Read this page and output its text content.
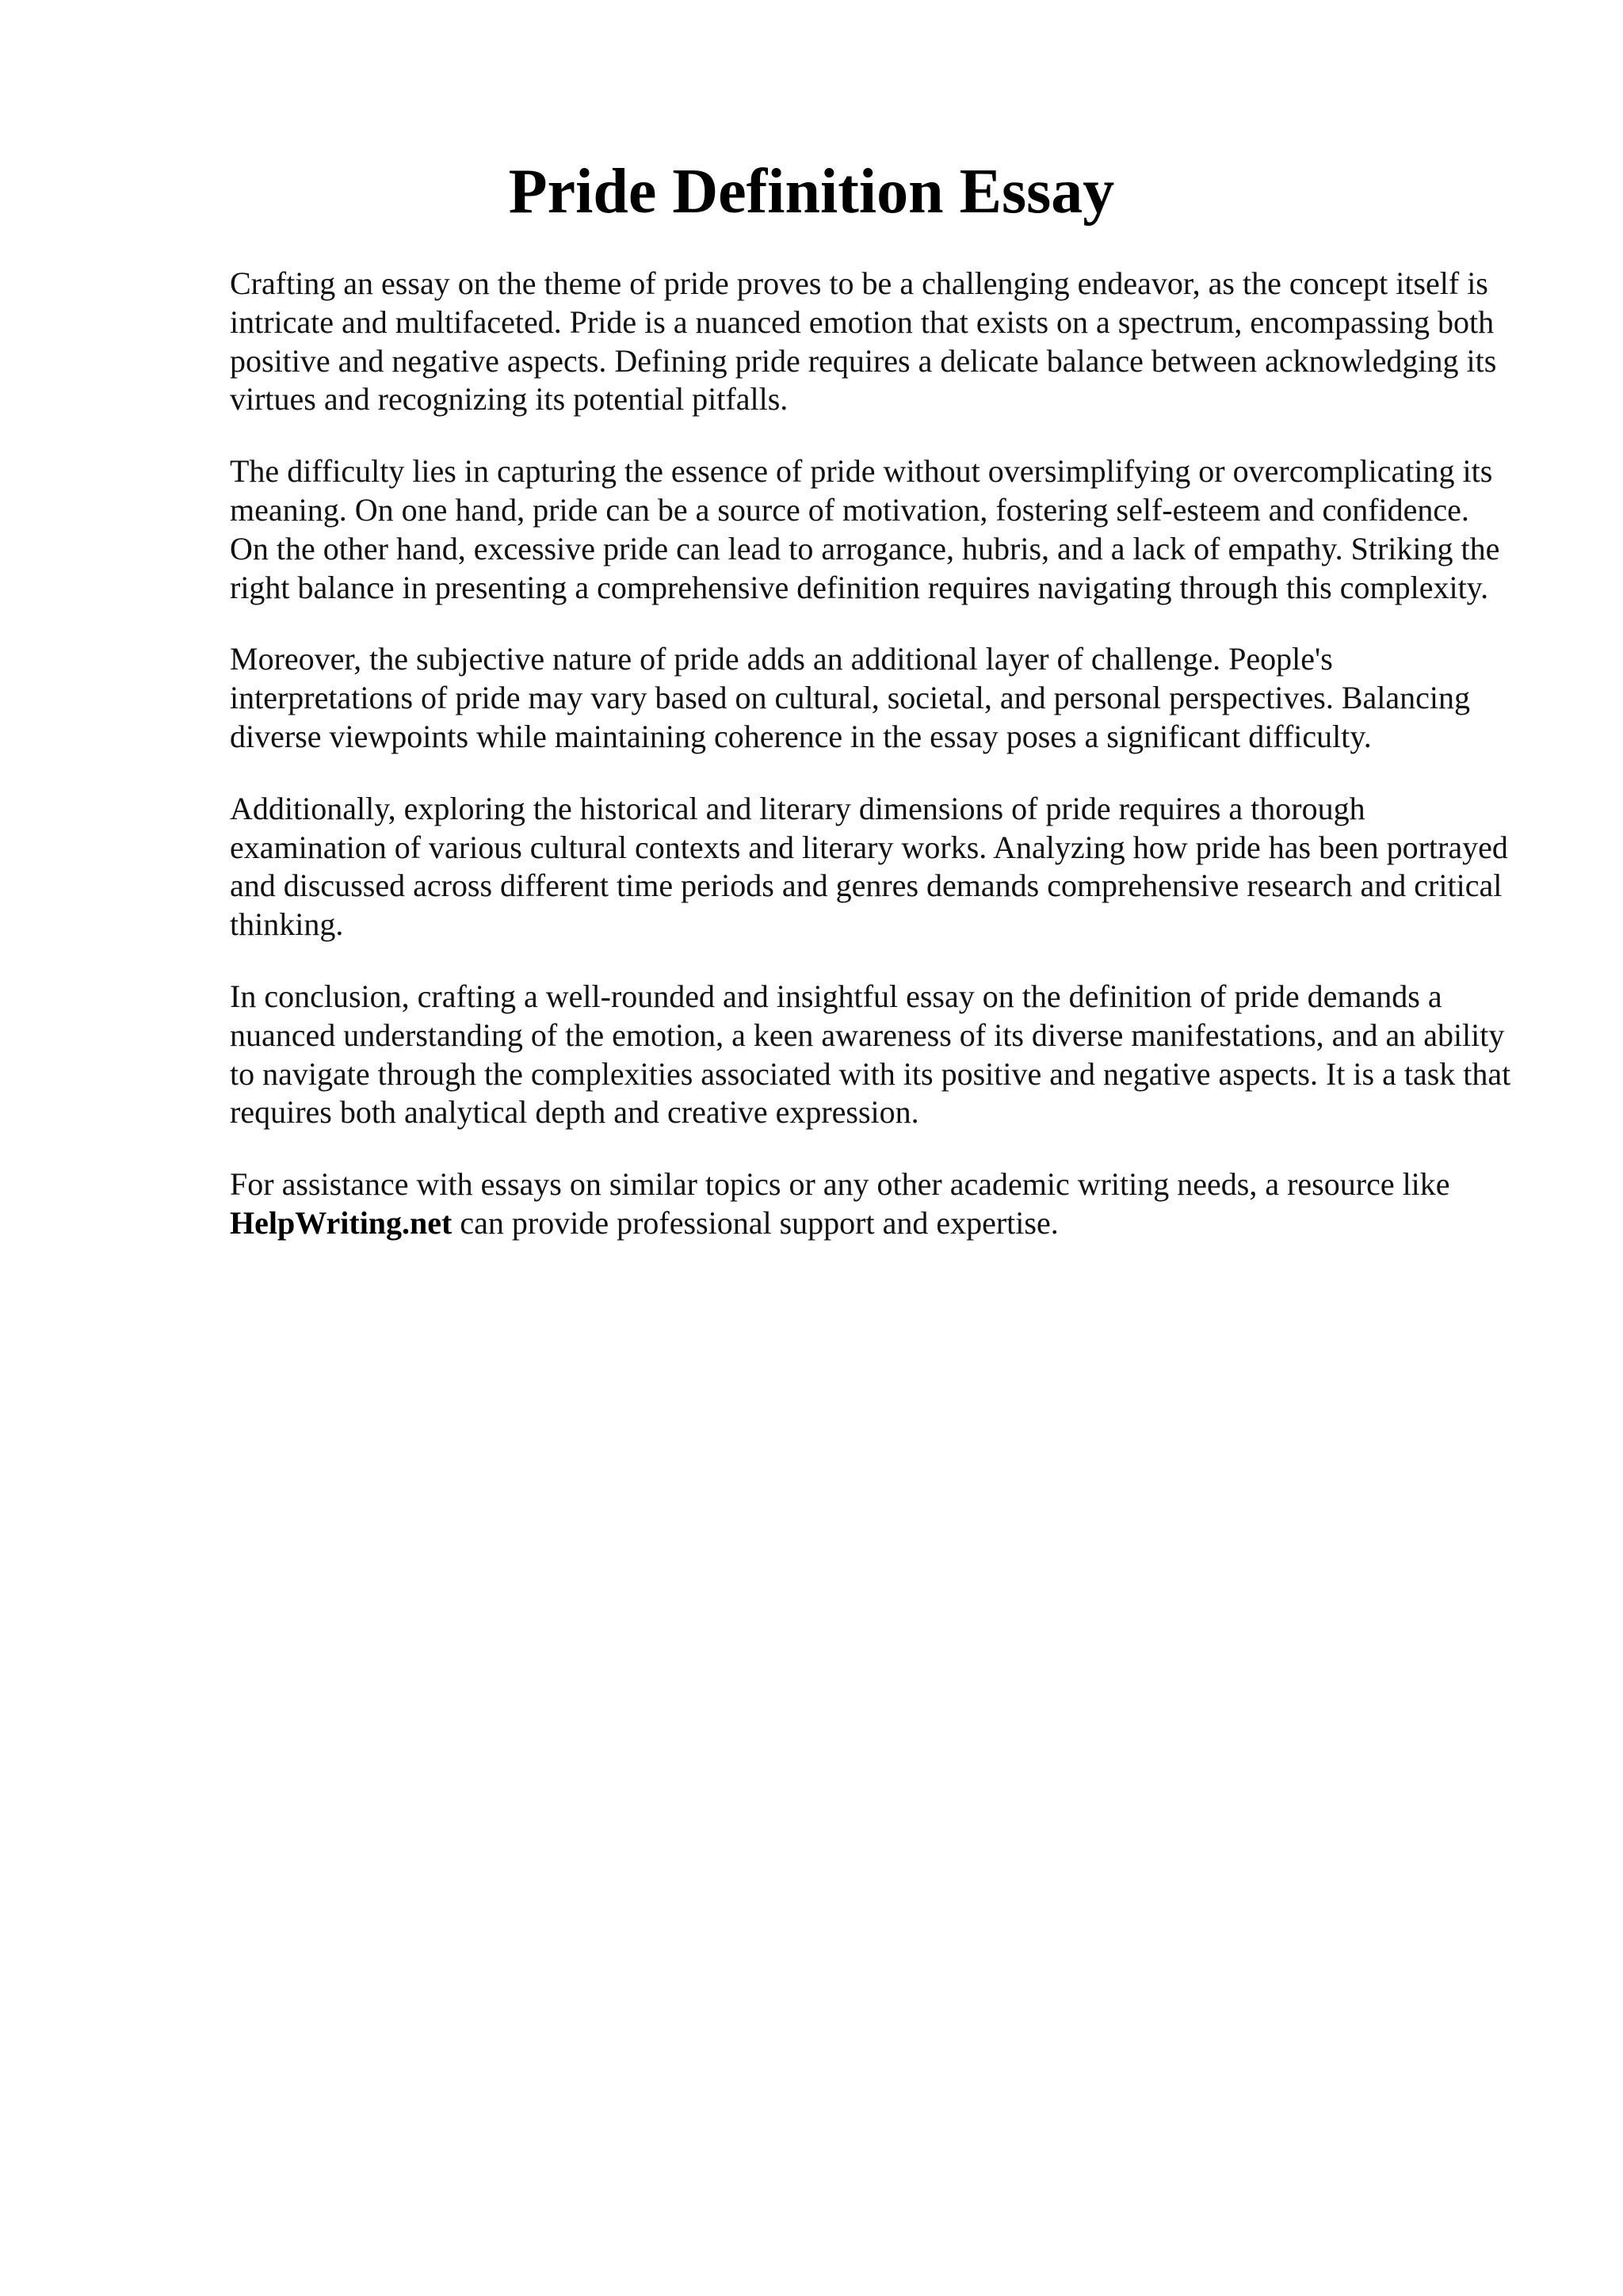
Pride Definition Essay

Crafting an essay on the theme of pride proves to be a challenging endeavor, as the concept itself is intricate and multifaceted. Pride is a nuanced emotion that exists on a spectrum, encompassing both positive and negative aspects. Defining pride requires a delicate balance between acknowledging its virtues and recognizing its potential pitfalls.

The difficulty lies in capturing the essence of pride without oversimplifying or overcomplicating its meaning. On one hand, pride can be a source of motivation, fostering self-esteem and confidence. On the other hand, excessive pride can lead to arrogance, hubris, and a lack of empathy. Striking the right balance in presenting a comprehensive definition requires navigating through this complexity.

Moreover, the subjective nature of pride adds an additional layer of challenge. People's interpretations of pride may vary based on cultural, societal, and personal perspectives. Balancing diverse viewpoints while maintaining coherence in the essay poses a significant difficulty.

Additionally, exploring the historical and literary dimensions of pride requires a thorough examination of various cultural contexts and literary works. Analyzing how pride has been portrayed and discussed across different time periods and genres demands comprehensive research and critical thinking.

In conclusion, crafting a well-rounded and insightful essay on the definition of pride demands a nuanced understanding of the emotion, a keen awareness of its diverse manifestations, and an ability to navigate through the complexities associated with its positive and negative aspects. It is a task that requires both analytical depth and creative expression.

For assistance with essays on similar topics or any other academic writing needs, a resource like
HelpWriting.net can provide professional support and expertise.
